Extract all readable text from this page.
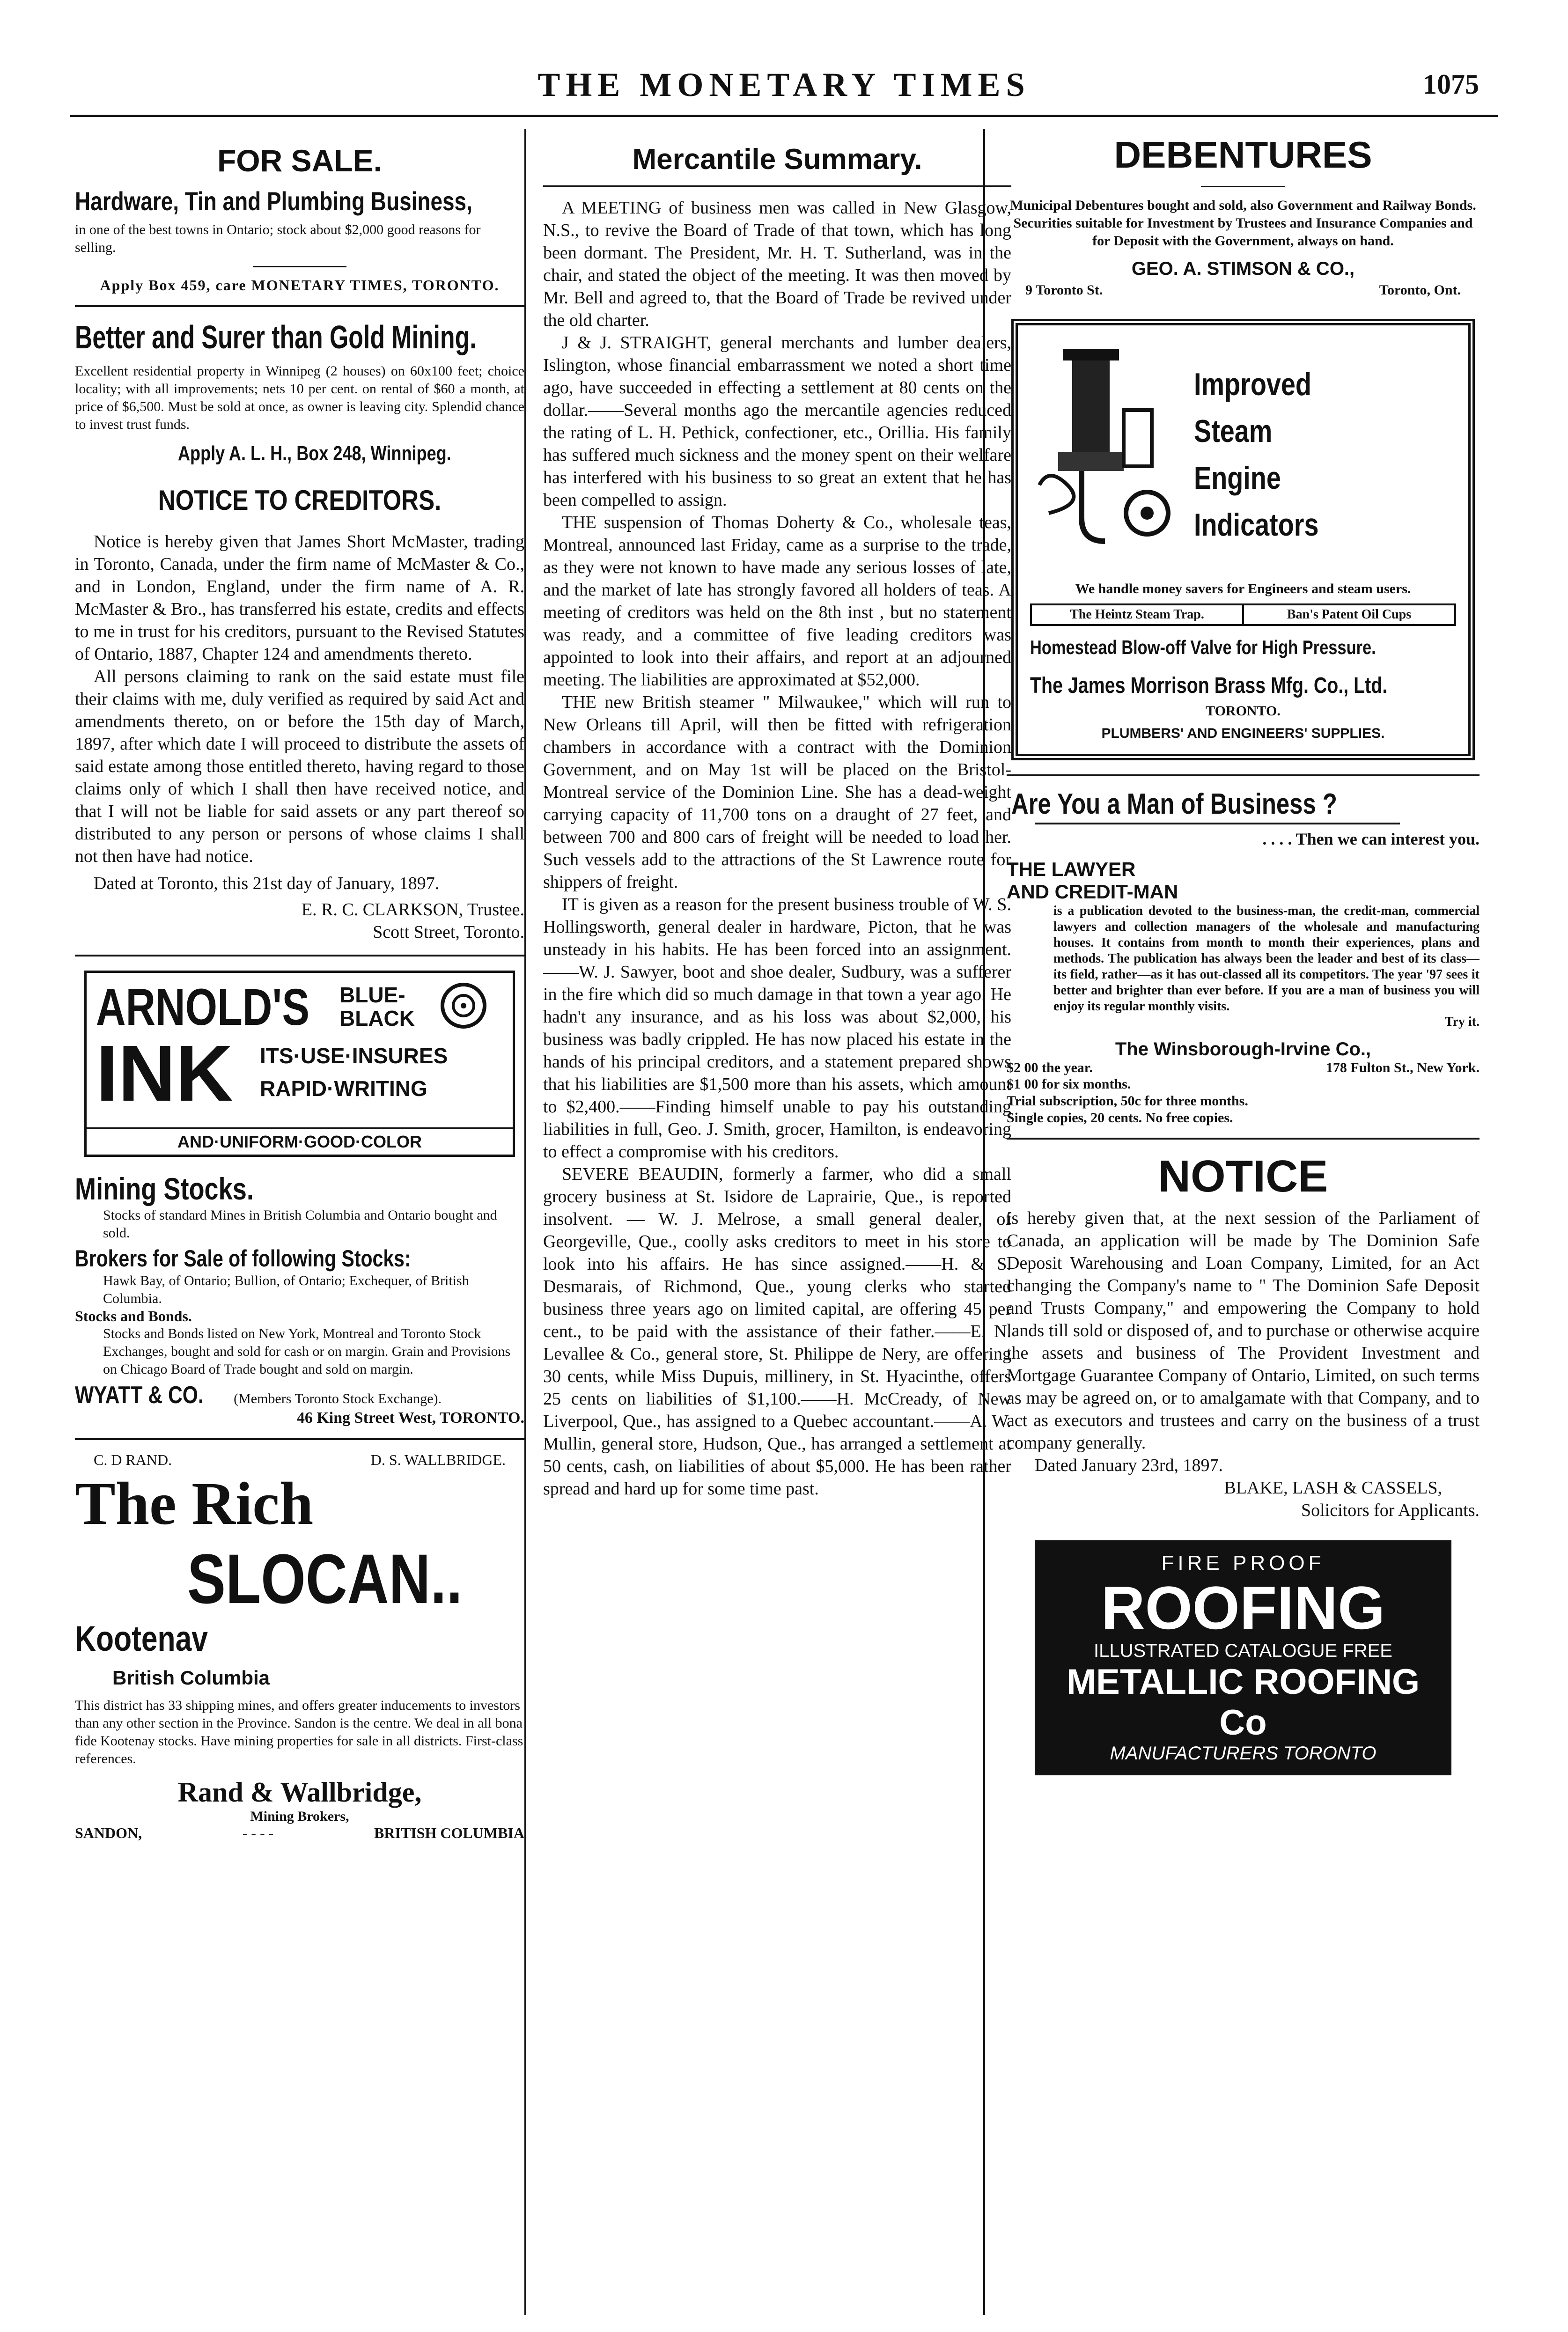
THE MONETARY TIMES	1075
FOR SALE.
Hardware, Tin and Plumbing Business,

in one of the best towns in Ontario; stock about $2,000 good reasons for selling.

Apply Box 459, care MONETARY TIMES, TORONTO.

Better and Surer than Gold Mining.

Excellent residential property in Winnipeg (2 houses) on 60x100 feet; choice locality; with all improvements; nets 10 per cent. on rental of $60 a month, at price of $6,500. Must be sold at once, as owner is leaving city. Splendid chance to invest trust funds.

Apply A. L. H., Box 248, Winnipeg.
NOTICE TO CREDITORS.

Notice is hereby given that James Short McMaster, trading in Toronto, Canada, under the firm name of McMaster & Co., and in London, England, under the firm name of A. R. McMaster & Bro., has transferred his estate, credits and effects to me in trust for his creditors, pursuant to the Revised Statutes of Ontario, 1887, Chapter 124 and amendments thereto.

All persons claiming to rank on the said estate must file their claims with me, duly verified as required by said Act and amendments thereto, on or before the 15th day of March, 1897, after which date I will proceed to distribute the assets of said estate among those entitled thereto, having regard to those claims only of which I shall then have received notice, and that I will not be liable for said assets or any part thereof so distributed to any person or persons of whose claims I shall not then have had notice.

Dated at Toronto, this 21st day of January, 1897.

E. R. C. CLARKSON, Trustee.

Scott Street, Toronto.

ARNOLD'S BLUE-
BLACK
INK ITS·USE·INSURES
RAPID·WRITING
AND·UNIFORM·GOOD·COLOR
Mining Stocks.

Stocks of standard Mines in British Columbia and Ontario bought and sold.

Brokers for Sale of following Stocks:

Hawk Bay, of Ontario; Bullion, of Ontario; Exchequer, of British Columbia.

Stocks and Bonds.

Stocks and Bonds listed on New York, Montreal and Toronto Stock Exchanges, bought and sold for cash or on margin. Grain and Provisions on Chicago Board of Trade bought and sold on margin.

WYATT & CO. (Members Toronto Stock Exchange).

46 King Street West, TORONTO.

C. D RAND.	D. S. WALLBRIDGE.
The Rich
SLOCAN..
Kootenav
British Columbia

This district has 33 shipping mines, and offers greater inducements to investors than any other section in the Province. Sandon is the centre. We deal in all bona fide Kootenay stocks. Have mining properties for sale in all districts. First-class references.

Rand & Wallbridge,
Mining Brokers,
SANDON,	- - - -	BRITISH COLUMBIA
Mercantile Summary.

A MEETING of business men was called in New Glasgow, N.S., to revive the Board of Trade of that town, which has long been dormant. The President, Mr. H. T. Sutherland, was in the chair, and stated the object of the meeting. It was then moved by Mr. Bell and agreed to, that the Board of Trade be revived under the old charter.

J & J. STRAIGHT, general merchants and lumber dealers, Islington, whose financial embarrassment we noted a short time ago, have succeeded in effecting a settlement at 80 cents on the dollar.——Several months ago the mercantile agencies reduced the rating of L. H. Pethick, confectioner, etc., Orillia. His family has suffered much sickness and the money spent on their welfare has interfered with his business to so great an extent that he has been compelled to assign.

THE suspension of Thomas Doherty & Co., wholesale teas, Montreal, announced last Friday, came as a surprise to the trade, as they were not known to have made any serious losses of late, and the market of late has strongly favored all holders of teas. A meeting of creditors was held on the 8th inst , but no statement was ready, and a committee of five leading creditors was appointed to look into their affairs, and report at an adjourned meeting. The liabilities are approximated at $52,000.

THE new British steamer " Milwaukee," which will run to New Orleans till April, will then be fitted with refrigeration chambers in accordance with a contract with the Dominion Government, and on May 1st will be placed on the Bristol-Montreal service of the Dominion Line. She has a dead-weight carrying capacity of 11,700 tons on a draught of 27 feet, and between 700 and 800 cars of freight will be needed to load her. Such vessels add to the attractions of the St Lawrence route for shippers of freight.

IT is given as a reason for the present business trouble of W. S. Hollingsworth, general dealer in hardware, Picton, that he was unsteady in his habits. He has been forced into an assignment.——W. J. Sawyer, boot and shoe dealer, Sudbury, was a sufferer in the fire which did so much damage in that town a year ago. He hadn't any insurance, and as his loss was about $2,000, his business was badly crippled. He has now placed his estate in the hands of his principal creditors, and a statement prepared shows that his liabilities are $1,500 more than his assets, which amount to $2,400.——Finding himself unable to pay his outstanding liabilities in full, Geo. J. Smith, grocer, Hamilton, is endeavoring to effect a compromise with his creditors.

SEVERE BEAUDIN, formerly a farmer, who did a small grocery business at St. Isidore de Laprairie, Que., is reported insolvent. — W. J. Melrose, a small general dealer, of Georgeville, Que., coolly asks creditors to meet in his store to look into his affairs. He has since assigned.——H. & S. Desmarais, of Richmond, Que., young clerks who started business three years ago on limited capital, are offering 45 per cent., to be paid with the assistance of their father.——E. N. Levallee & Co., general store, St. Philippe de Nery, are offering 30 cents, while Miss Dupuis, millinery, in St. Hyacinthe, offers 25 cents on liabilities of $1,100.——H. McCready, of New Liverpool, Que., has assigned to a Quebec accountant.——A. W. Mullin, general store, Hudson, Que., has arranged a settlement at 50 cents, cash, on liabilities of about $5,000. He has been rather spread and hard up for some time past.

DEBENTURES

Municipal Debentures bought and sold, also Government and Railway Bonds. Securities suitable for Investment by Trustees and Insurance Companies and for Deposit with the Government, always on hand.

GEO. A. STIMSON & CO.,
9 Toronto St.	Toronto, Ont.
Improved
Steam
Engine
Indicators

We handle money savers for Engineers and steam users.

The Heintz Steam Trap.	Ban's Patent Oil Cups
Homestead Blow-off Valve for High Pressure.
The James Morrison Brass Mfg. Co., Ltd.
TORONTO.
PLUMBERS' AND ENGINEERS' SUPPLIES.
Are You a Man of Business ?
. . . . Then we can interest you.
THE LAWYER
AND CREDIT-MAN

is a publication devoted to the business-man, the credit-man, commercial lawyers and collection managers of the wholesale and manufacturing houses. It contains from month to month their experiences, plans and methods. The publication has always been the leader and best of its class—its field, rather—as it has out-classed all its competitors. The year '97 sees it better and brighter than ever before. If you are a man of business you will enjoy its regular monthly visits.

Try it.

The Winsborough-Irvine Co.,
$2 00 the year.	178 Fulton St., New York.
$1 00 for six months.
Trial subscription, 50c for three months.
Single copies, 20 cents. No free copies.
NOTICE

is hereby given that, at the next session of the Parliament of Canada, an application will be made by The Dominion Safe Deposit Warehousing and Loan Company, Limited, for an Act changing the Company's name to " The Dominion Safe Deposit and Trusts Company," and empowering the Company to hold lands till sold or disposed of, and to purchase or otherwise acquire the assets and business of The Provident Investment and Mortgage Guarantee Company of Ontario, Limited, on such terms as may be agreed on, or to amalgamate with that Company, and to act as executors and trustees and carry on the business of a trust company generally.

Dated January 23rd, 1897.

BLAKE, LASH & CASSELS,

Solicitors for Applicants.

FIRE PROOF
ROOFING
ILLUSTRATED CATALOGUE FREE
METALLIC ROOFING Co
MANUFACTURERS TORONTO
